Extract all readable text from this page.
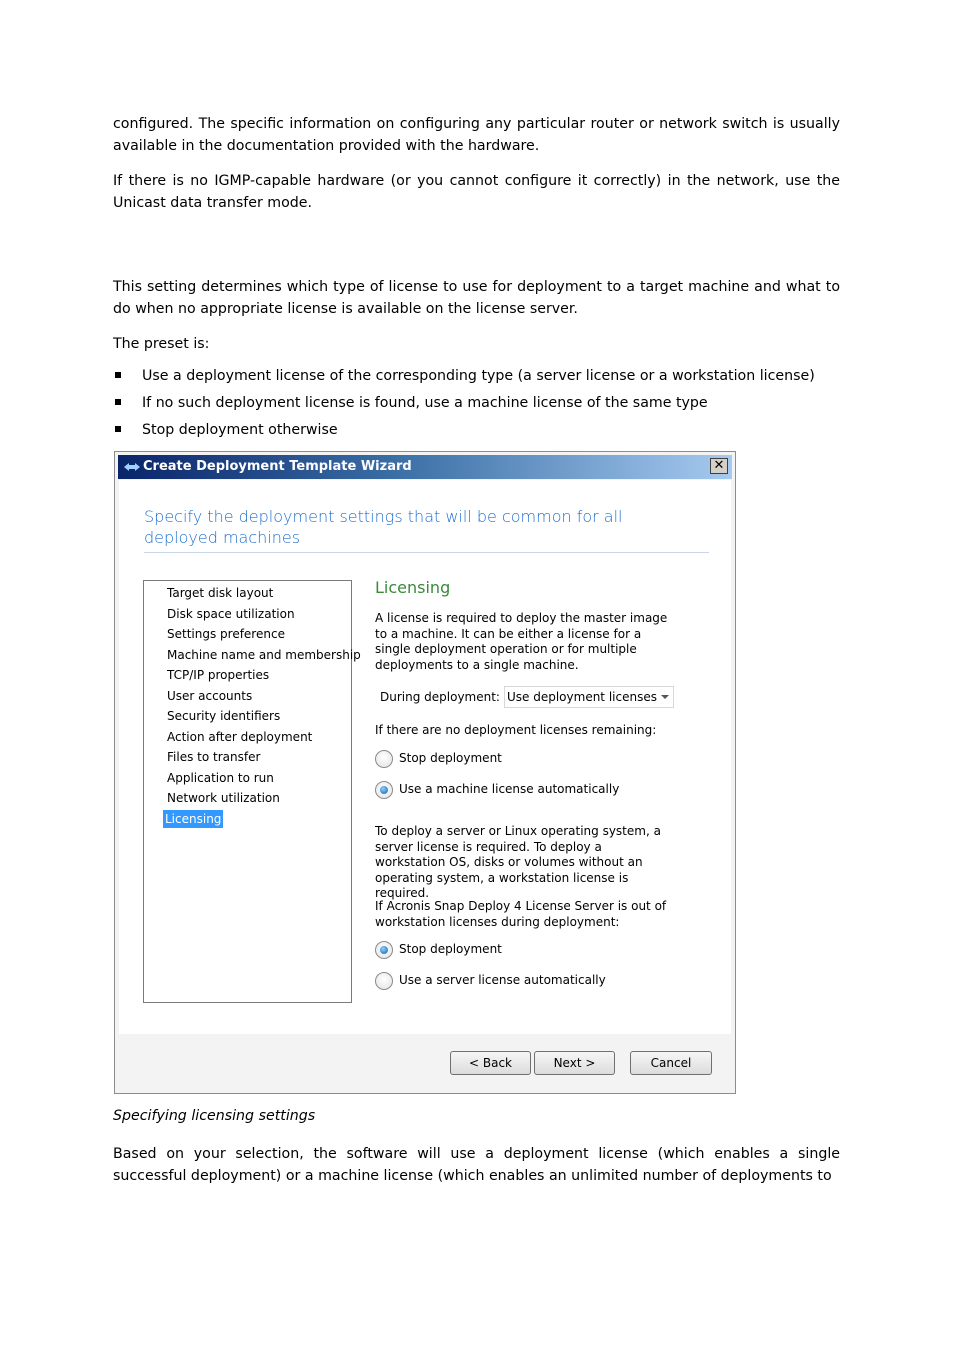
configured. The specific information on configuring any particular router or network switch is usually available in the documentation provided with the hardware.

If there is no IGMP-capable hardware (or you cannot configure it correctly) in the network, use the Unicast data transfer mode.

This setting determines which type of license to use for deployment to a target machine and what to do when no appropriate license is available on the license server.

The preset is:

Use a deployment license of the corresponding type (a server license or a workstation license)
If no such deployment license is found, use a machine license of the same type
Stop deployment otherwise
Create Deployment Template Wizard	✕
Specify the deployment settings that will be common for all deployed machines
Target disk layout
Disk space utilization
Settings preference
Machine name and membership
TCP/IP properties
User accounts
Security identifiers
Action after deployment
Files to transfer
Application to run
Network utilization
Licensing
Licensing
A license is required to deploy the master image to a machine. It can be either a license for a single deployment operation or for multiple deployments to a single machine.
During deployment: Use deployment licenses
If there are no deployment licenses remaining:
Stop deployment
Use a machine license automatically
To deploy a server or Linux operating system, a server license is required. To deploy a workstation OS, disks or volumes without an operating system, a workstation license is required.
If Acronis Snap Deploy 4 License Server is out of workstation licenses during deployment:
Stop deployment
Use a server license automatically
< Back	Next >	Cancel

Specifying licensing settings

Based on your selection, the software will use a deployment license (which enables a single successful deployment) or a machine license (which enables an unlimited number of deployments to
